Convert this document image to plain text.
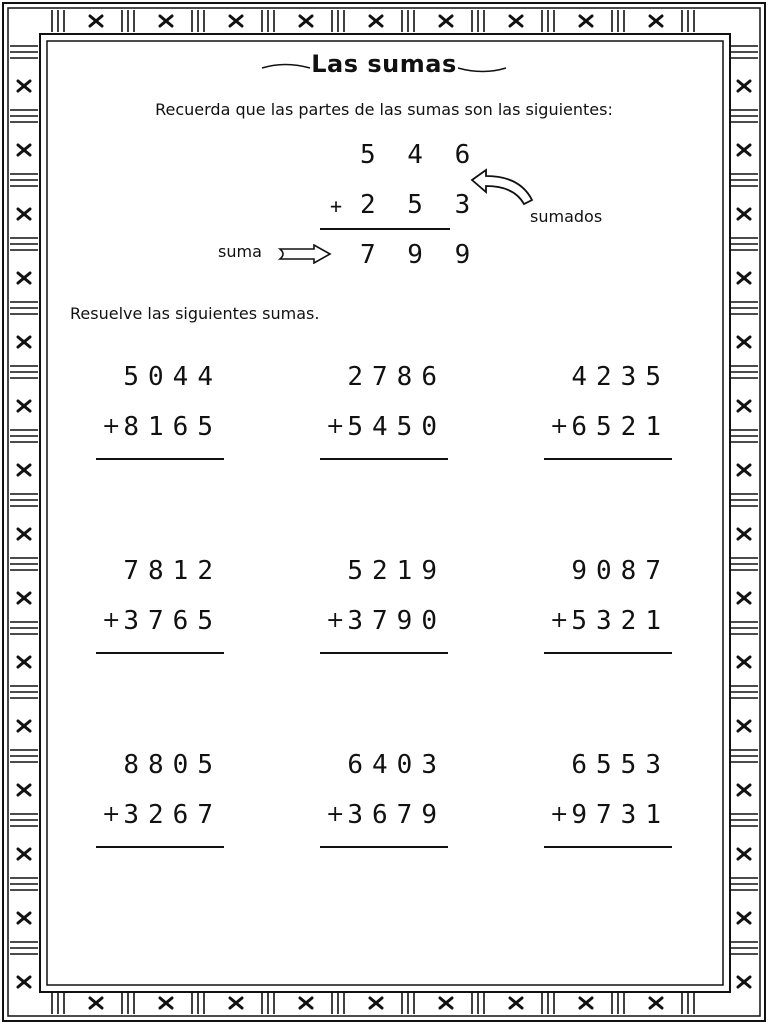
Las sumas
Recuerda que las partes de las sumas son las siguientes:
5 4 6
+ 2 5 3
7 9 9
suma
sumados
Resuelve las siguientes sumas.
5044
+ 8165
2786
+ 5450
4235
+ 6521
7812
+ 3765
5219
+ 3790
9087
+ 5321
8805
+ 3267
6403
+ 3679
6553
+ 9731
